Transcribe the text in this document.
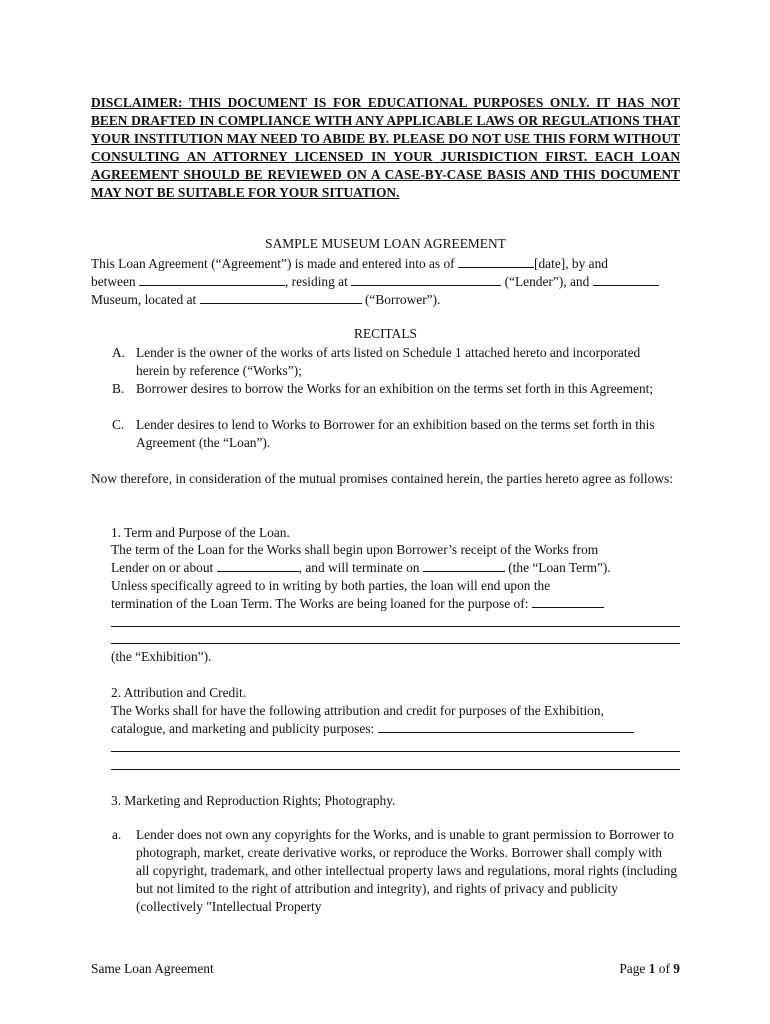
DISCLAIMER: THIS DOCUMENT IS FOR EDUCATIONAL PURPOSES ONLY. IT HAS NOT BEEN DRAFTED IN COMPLIANCE WITH ANY APPLICABLE LAWS OR REGULATIONS THAT YOUR INSTITUTION MAY NEED TO ABIDE BY. PLEASE DO NOT USE THIS FORM WITHOUT CONSULTING AN ATTORNEY LICENSED IN YOUR JURISDICTION FIRST. EACH LOAN AGREEMENT SHOULD BE REVIEWED ON A CASE-BY-CASE BASIS AND THIS DOCUMENT MAY NOT BE SUITABLE FOR YOUR SITUATION.
SAMPLE MUSEUM LOAN AGREEMENT
This Loan Agreement (“Agreement”) is made and entered into as of	[date], by and
between	, residing at	(“Lender”), and
Museum, located at	(“Borrower”).
RECITALS
A. Lender is the owner of the works of arts listed on Schedule 1 attached hereto and incorporated herein by reference (“Works”);
B. Borrower desires to borrow the Works for an exhibition on the terms set forth in this Agreement;
C. Lender desires to lend to Works to Borrower for an exhibition based on the terms set forth in this Agreement (the “Loan”).
Now therefore, in consideration of the mutual promises contained herein, the parties hereto agree as follows:
1. Term and Purpose of the Loan.
The term of the Loan for the Works shall begin upon Borrower’s receipt of the Works from
Lender on or about	, and will terminate on	(the “Loan Term”).
Unless specifically agreed to in writing by both parties, the loan will end upon the
termination of the Loan Term. The Works are being loaned for the purpose of:
(the “Exhibition”).
2. Attribution and Credit.
The Works shall for have the following attribution and credit for purposes of the Exhibition,
catalogue, and marketing and publicity purposes:
3. Marketing and Reproduction Rights; Photography.
a. Lender does not own any copyrights for the Works, and is unable to grant permission to Borrower to photograph, market, create derivative works, or reproduce the Works. Borrower shall comply with all copyright, trademark, and other intellectual property laws and regulations, moral rights (including but not limited to the right of attribution and integrity), and rights of privacy and publicity (collectively "Intellectual Property
Same Loan Agreement	Page 1 of 9
